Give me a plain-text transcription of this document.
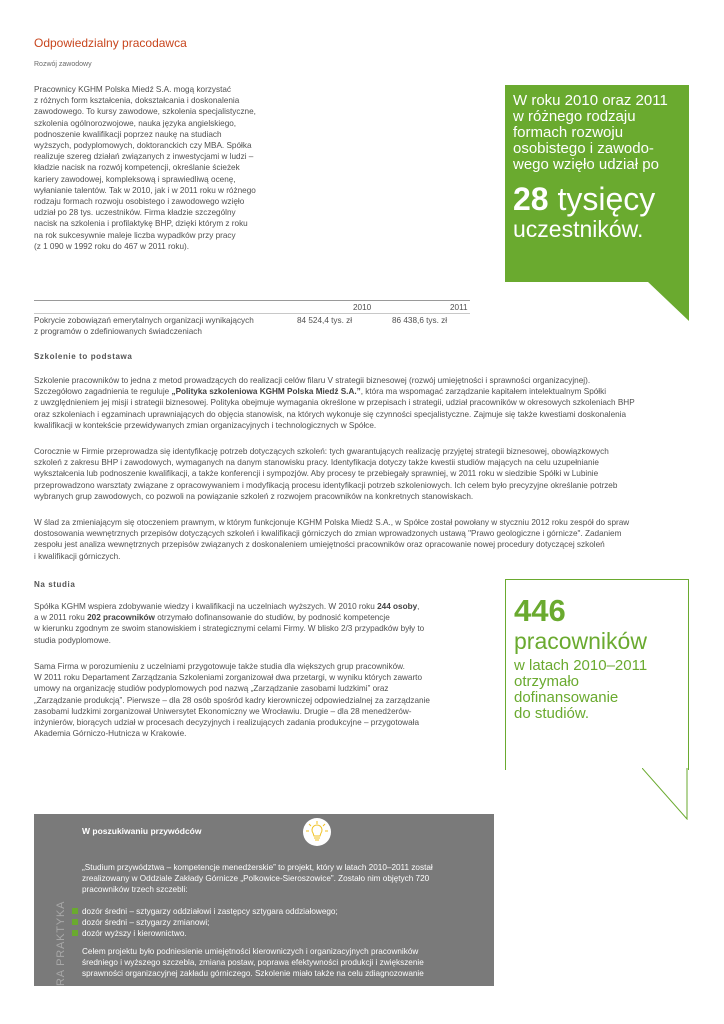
Odpowiedzialny pracodawca
Rozwój zawodowy
Pracownicy KGHM Polska Miedź S.A. mogą korzystać
z różnych form kształcenia, dokształcania i doskonalenia
zawodowego. To kursy zawodowe, szkolenia specjalistyczne,
szkolenia ogólnorozwojowe, nauka języka angielskiego,
podnoszenie kwalifikacji poprzez naukę na studiach
wyższych, podyplomowych, doktoranckich czy MBA. Spółka
realizuje szereg działań związanych z inwestycjami w ludzi –
kładzie nacisk na rozwój kompetencji, określanie ścieżek
kariery zawodowej, kompleksową i sprawiedliwą ocenę,
wyłanianie talentów. Tak w 2010, jak i w 2011 roku w różnego
rodzaju formach rozwoju osobistego i zawodowego wzięło
udział po 28 tys. uczestników. Firma kładzie szczególny
nacisk na szkolenia i profilaktykę BHP, dzięki którym z roku
na rok sukcesywnie maleje liczba wypadków przy pracy
(z 1 090 w 1992 roku do 467 w 2011 roku).
W roku 2010 oraz 2011
w różnego rodzaju
formach rozwoju
osobistego i zawodo-
wego wzięło udział po
28 tysięcy
uczestników.
2010	2011
Pokrycie zobowiązań emerytalnych organizacji wynikających
z programów o zdefiniowanych świadczeniach
84 524,4 tys. zł	86 438,6 tys. zł
Szkolenie to podstawa
Szkolenie pracowników to jedna z metod prowadzących do realizacji celów filaru V strategii biznesowej (rozwój umiejętności i sprawności organizacyjnej).
Szczegółowo zagadnienia te reguluje „Polityka szkoleniowa KGHM Polska Miedź S.A.”, która ma wspomagać zarządzanie kapitałem intelektualnym Spółki
z uwzględnieniem jej misji i strategii biznesowej. Polityka obejmuje wymagania określone w przepisach i strategii, udział pracowników w okresowych szkoleniach BHP
oraz szkoleniach i egzaminach uprawniających do objęcia stanowisk, na których wykonuje się czynności specjalistyczne. Zajmuje się także kwestiami doskonalenia
kwalifikacji w kontekście przewidywanych zmian organizacyjnych i technologicznych w Spółce.
Corocznie w Firmie przeprowadza się identyfikację potrzeb dotyczących szkoleń: tych gwarantujących realizację przyjętej strategii biznesowej, obowiązkowych
szkoleń z zakresu BHP i zawodowych, wymaganych na danym stanowisku pracy. Identyfikacja dotyczy także kwestii studiów mających na celu uzupełnianie
wykształcenia lub podnoszenie kwalifikacji, a także konferencji i sympozjów. Aby procesy te przebiegały sprawniej, w 2011 roku w siedzibie Spółki w Lubinie
przeprowadzono warsztaty związane z opracowywaniem i modyfikacją procesu identyfikacji potrzeb szkoleniowych. Ich celem było precyzyjne określanie potrzeb
wybranych grup zawodowych, co pozwoli na powiązanie szkoleń z rozwojem pracowników na konkretnych stanowiskach.
W ślad za zmieniającym się otoczeniem prawnym, w którym funkcjonuje KGHM Polska Miedź S.A., w Spółce został powołany w styczniu 2012 roku zespół do spraw
dostosowania wewnętrznych przepisów dotyczących szkoleń i kwalifikacji górniczych do zmian wprowadzonych ustawą "Prawo geologiczne i górnicze". Zadaniem
zespołu jest analiza wewnętrznych przepisów związanych z doskonaleniem umiejętności pracowników oraz opracowanie nowej procedury dotyczącej szkoleń
i kwalifikacji górniczych.
Na studia
Spółka KGHM wspiera zdobywanie wiedzy i kwalifikacji na uczelniach wyższych. W 2010 roku 244 osoby,
a w 2011 roku 202 pracowników otrzymało dofinansowanie do studiów, by podnosić kompetencje
w kierunku zgodnym ze swoim stanowiskiem i strategicznymi celami Firmy. W blisko 2/3 przypadków były to
studia podyplomowe.
Sama Firma w porozumieniu z uczelniami przygotowuje także studia dla większych grup pracowników.
W 2011 roku Departament Zarządzania Szkoleniami zorganizował dwa przetargi, w wyniku których zawarto
umowy na organizację studiów podyplomowych pod nazwą „Zarządzanie zasobami ludzkimi” oraz
„Zarządzanie produkcją”. Pierwsze – dla 28 osób spośród kadry kierowniczej odpowiedzialnej za zarządzanie
zasobami ludzkimi zorganizował Uniwersytet Ekonomiczny we Wrocławiu. Drugie – dla 28 menedżerów-
inżynierów, biorących udział w procesach decyzyjnych i realizujących zadania produkcyjne – przygotowała
Akademia Górniczo-Hutnicza w Krakowie.
446
pracowników
w latach 2010–2011
otrzymało
dofinansowanie
do studiów.
W poszukiwaniu przywódców
„Studium przywództwa – kompetencje menedżerskie” to projekt, który w latach 2010–2011 został
zrealizowany w Oddziale Zakłady Górnicze „Polkowice-Sieroszowice”. Zostało nim objętych 720
pracowników trzech szczebli:
dozór średni – sztygarzy oddziałowi i zastępcy sztygara oddziałowego;
dozór średni – sztygarzy zmianowi;
dozór wyższy i kierownictwo.
Celem projektu było podniesienie umiejętności kierowniczych i organizacyjnych pracowników
średniego i wyższego szczebla, zmiana postaw, poprawa efektywności produkcji i zwiększenie
sprawności organizacyjnej zakładu górniczego. Szkolenie miało także na celu zdiagnozowanie
RA PRAKTYKA
